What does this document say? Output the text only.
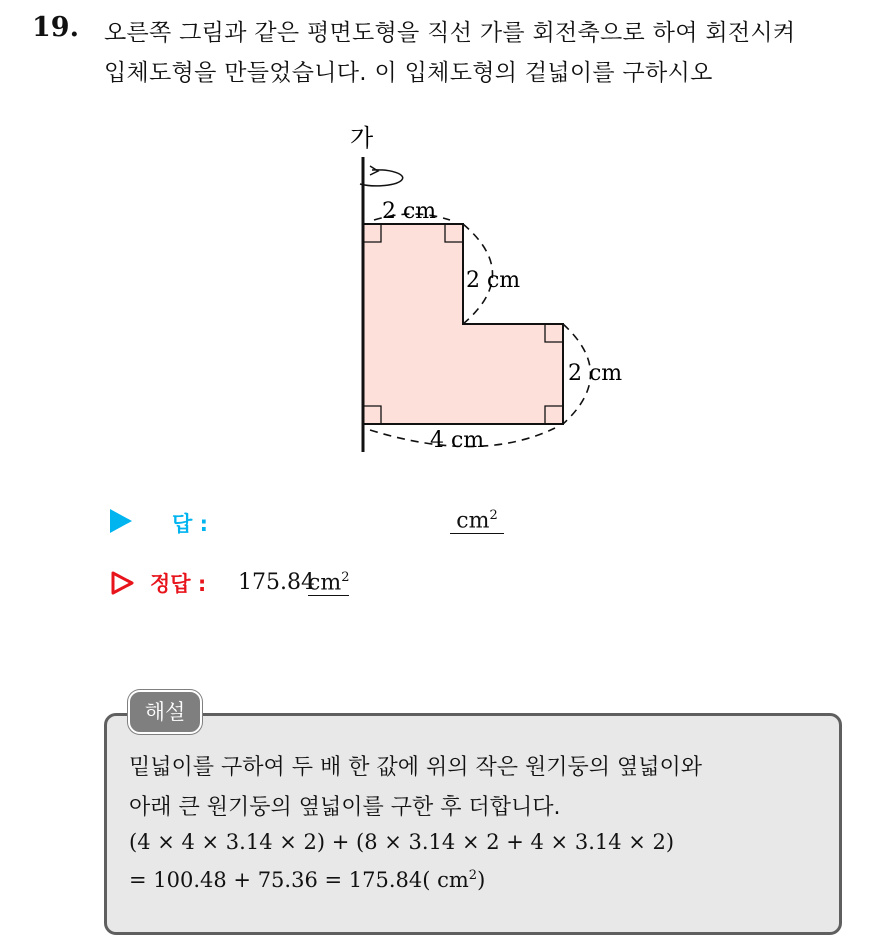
19. 오른쪽 그림과 같은 평면도형을 직선 가를 회전축으로 하여 회전시켜
입체도형을 만들었습니다. 이 입체도형의 겉넓이를 구하시오
가
2 cm
2 cm
2 cm
4 cm
답 :	$cm^2$
정답 : 175.84
$cm^2$
해설
밑넓이를 구하여 두 배 한 값에 위의 작은 원기둥의 옆넓이와
아래 큰 원기둥의 옆넓이를 구한 후 더합니다.
(4 × 4 × 3.14 × 2) + (8 × 3.14 × 2 + 4 × 3.14 × 2)
= 100.48 + 75.36 = 175.84( $cm^2$)
